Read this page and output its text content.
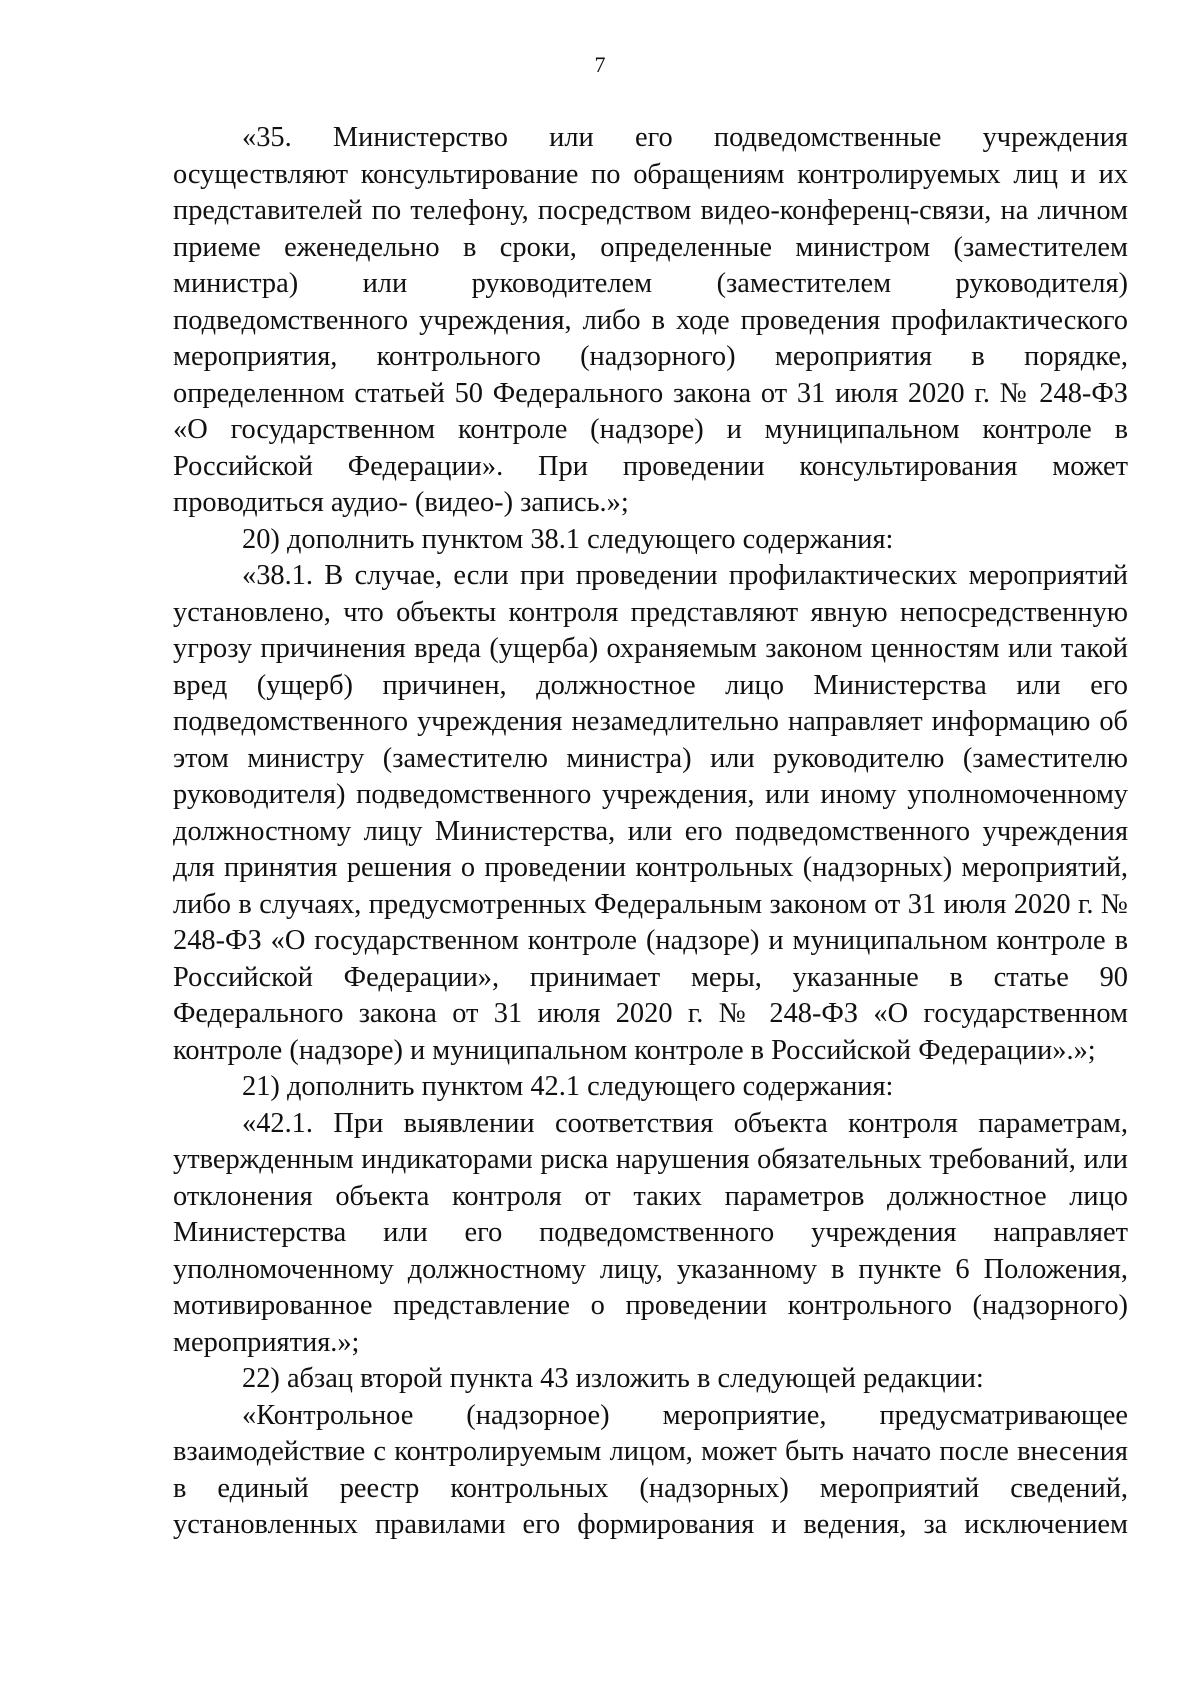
7

«35. Министерство или его подведомственные учреждения осуществляют консультирование по обращениям контролируемых лиц и их представителей по телефону, посредством видео-конференц-связи, на личном приеме еженедельно в сроки, определенные министром (заместителем министра) или руководителем (заместителем руководителя) подведомственного учреждения, либо в ходе проведения профилактического мероприятия, контрольного (надзорного) мероприятия в порядке, определенном статьей 50 Федерального закона от 31 июля 2020 г. № 248-ФЗ «О государственном контроле (надзоре) и муниципальном контроле в Российской Федерации». При проведении консультирования может проводиться аудио- (видео-) запись.»;

20) дополнить пунктом 38.1 следующего содержания:

«38.1. В случае, если при проведении профилактических мероприятий установлено, что объекты контроля представляют явную непосредственную угрозу причинения вреда (ущерба) охраняемым законом ценностям или такой вред (ущерб) причинен, должностное лицо Министерства или его подведомственного учреждения незамедлительно направляет информацию об этом министру (заместителю министра) или руководителю (заместителю руководителя) подведомственного учреждения, или иному уполномоченному должностному лицу Министерства, или его подведомственного учреждения для принятия решения о проведении контрольных (надзорных) мероприятий, либо в случаях, предусмотренных Федеральным законом от 31 июля 2020 г. № 248-ФЗ «О государственном контроле (надзоре) и муниципальном контроле в Российской Федерации», принимает меры, указанные в статье 90 Федерального закона от 31 июля 2020 г. № 248-ФЗ «О государственном контроле (надзоре) и муниципальном контроле в Российской Федерации».»;

21) дополнить пунктом 42.1 следующего содержания:

«42.1. При выявлении соответствия объекта контроля параметрам, утвержденным индикаторами риска нарушения обязательных требований, или отклонения объекта контроля от таких параметров должностное лицо Министерства или его подведомственного учреждения направляет уполномоченному должностному лицу, указанному в пункте 6 Положения, мотивированное представление о проведении контрольного (надзорного) мероприятия.»;

22) абзац второй пункта 43 изложить в следующей редакции:

«Контрольное (надзорное) мероприятие, предусматривающее взаимодействие с контролируемым лицом, может быть начато после внесения в единый реестр контрольных (надзорных) мероприятий сведений, установленных правилами его формирования и ведения, за исключением
